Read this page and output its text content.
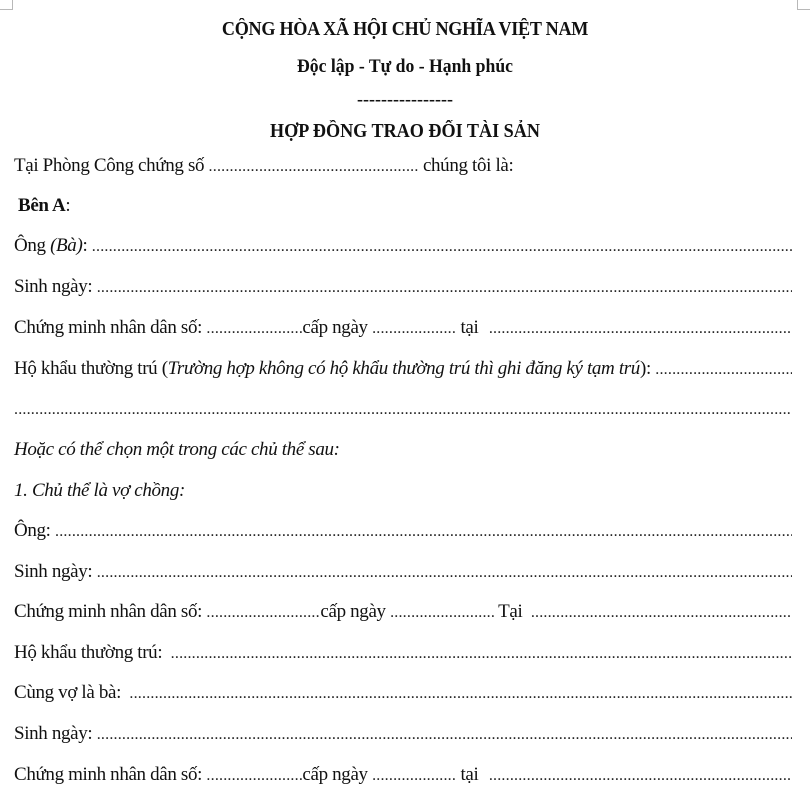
CỘNG HÒA XÃ HỘI CHỦ NGHĨA VIỆT NAM
Độc lập - Tự do - Hạnh phúc
----------------
HỢP ĐỒNG TRAO ĐỔI TÀI SẢN
Tại Phòng Công chứng số .....	chúng tôi là:
Bên A :
Ông (Bà) :
.....
Sinh ngày:
.....
Chứng minh nhân dân số: .....	cấp ngày .....	tại
.....
Hộ khẩu thường trú ( Trường hợp không có hộ khẩu thường trú thì ghi đăng ký tạm trú ):
.....
.....
Hoặc có thể chọn một trong các chủ thể sau:
1. Chủ thể là vợ chồng:
Ông:
.....
Sinh ngày:
.....
Chứng minh nhân dân số: .....	cấp ngày .....	Tại
.....
Hộ khẩu thường trú:
.....
Cùng vợ là bà:
.....
Sinh ngày:
.....
Chứng minh nhân dân số: .....	cấp ngày .....	tại
.....
